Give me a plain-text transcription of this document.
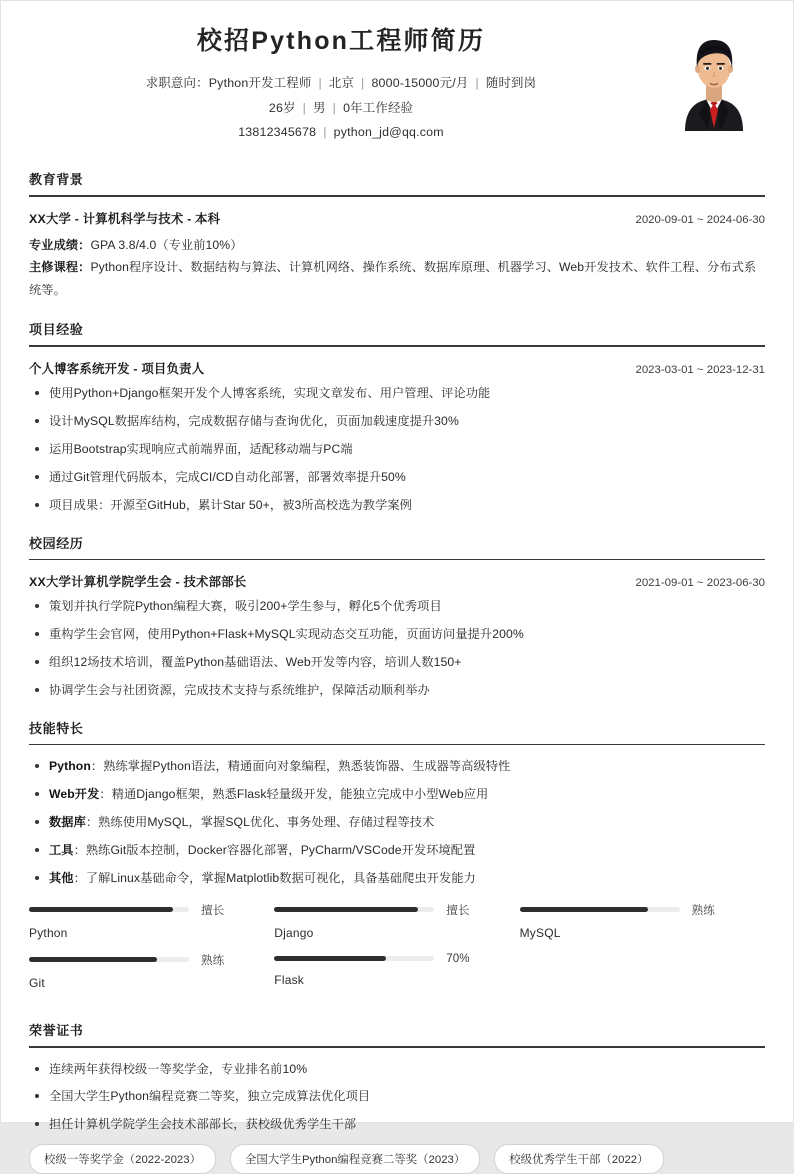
校招Python工程师简历
求职意向：Python开发工程师 | 北京 | 8000-15000元/月 | 随时到岗
26岁 | 男 | 0年工作经验
13812345678 | python_jd@qq.com
教育背景
XX大学 - 计算机科学与技术 - 本科	2020-09-01 ~ 2024-06-30
专业成绩：GPA 3.8/4.0（专业前10%）
主修课程：Python程序设计、数据结构与算法、计算机网络、操作系统、数据库原理、机器学习、Web开发技术、软件工程、分布式系统等。
项目经验
个人博客系统开发 - 项目负责人	2023-03-01 ~ 2023-12-31
使用Python+Django框架开发个人博客系统，实现文章发布、用户管理、评论功能
设计MySQL数据库结构，完成数据存储与查询优化，页面加载速度提升30%
运用Bootstrap实现响应式前端界面，适配移动端与PC端
通过Git管理代码版本，完成CI/CD自动化部署，部署效率提升50%
项目成果：开源至GitHub，累计Star 50+，被3所高校选为教学案例
校园经历
XX大学计算机学院学生会 - 技术部部长	2021-09-01 ~ 2023-06-30
策划并执行学院Python编程大赛，吸引200+学生参与，孵化5个优秀项目
重构学生会官网，使用Python+Flask+MySQL实现动态交互功能，页面访问量提升200%
组织12场技术培训，覆盖Python基础语法、Web开发等内容，培训人数150+
协调学生会与社团资源，完成技术支持与系统维护，保障活动顺利举办
技能特长
Python：熟练掌握Python语法，精通面向对象编程，熟悉装饰器、生成器等高级特性
Web开发：精通Django框架，熟悉Flask轻量级开发，能独立完成中小型Web应用
数据库：熟练使用MySQL，掌握SQL优化、事务处理、存储过程等技术
工具：熟练Git版本控制，Docker容器化部署，PyCharm/VSCode开发环境配置
其他：了解Linux基础命令，掌握Matplotlib数据可视化，具备基础爬虫开发能力
擅长
Python
擅长
Django
熟练
MySQL
熟练
Git
70%
Flask
荣誉证书
连续两年获得校级一等奖学金，专业排名前10%
全国大学生Python编程竞赛二等奖，独立完成算法优化项目
担任计算机学院学生会技术部部长，获校级优秀学生干部
校级一等奖学金（2022-2023）	全国大学生Python编程竞赛二等奖（2023）	校级优秀学生干部（2022）
